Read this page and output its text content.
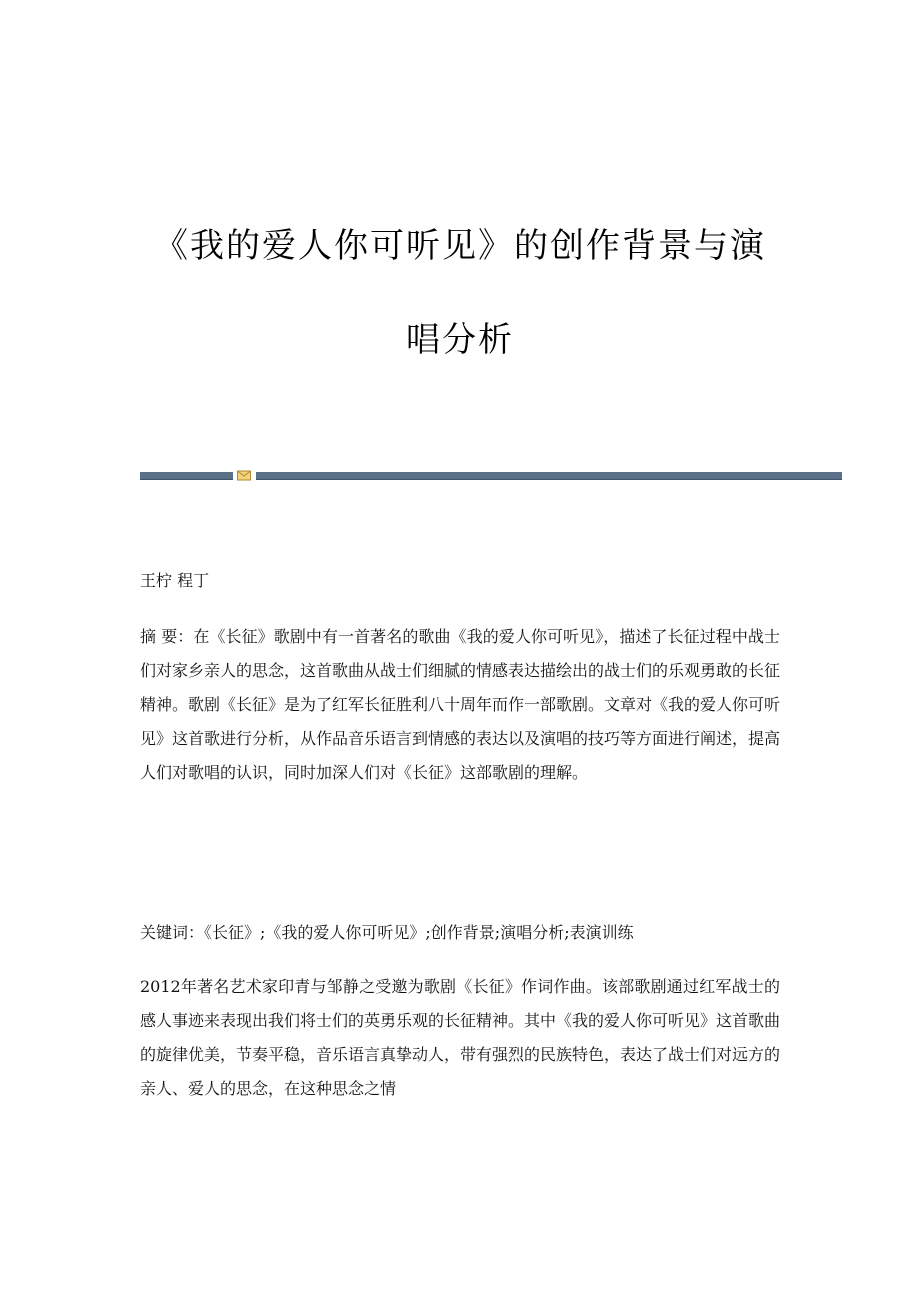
《我的爱人你可听见》的创作背景与演
唱分析

王柠 程丁

摘 要：在《长征》歌剧中有一首著名的歌曲《我的爱人你可听见》，描述了长征过程中战士们对家乡亲人的思念，这首歌曲从战士们细腻的情感表达描绘出的战士们的乐观勇敢的长征精神。歌剧《长征》是为了红军长征胜利八十周年而作一部歌剧。文章对《我的爱人你可听见》这首歌进行分析，从作品音乐语言到情感的表达以及演唱的技巧等方面进行阐述，提高人们对歌唱的认识，同时加深人们对《长征》这部歌剧的理解。

关键词：《长征》;《我的爱人你可听见》;创作背景;演唱分析;表演训练

2012年著名艺术家印青与邹静之受邀为歌剧《长征》作词作曲。该部歌剧通过红军战士的感人事迹来表现出我们将士们的英勇乐观的长征精神。其中《我的爱人你可听见》这首歌曲的旋律优美，节奏平稳，音乐语言真挚动人，带有强烈的民族特色，表达了战士们对远方的亲人、爱人的思念，在这种思念之情
